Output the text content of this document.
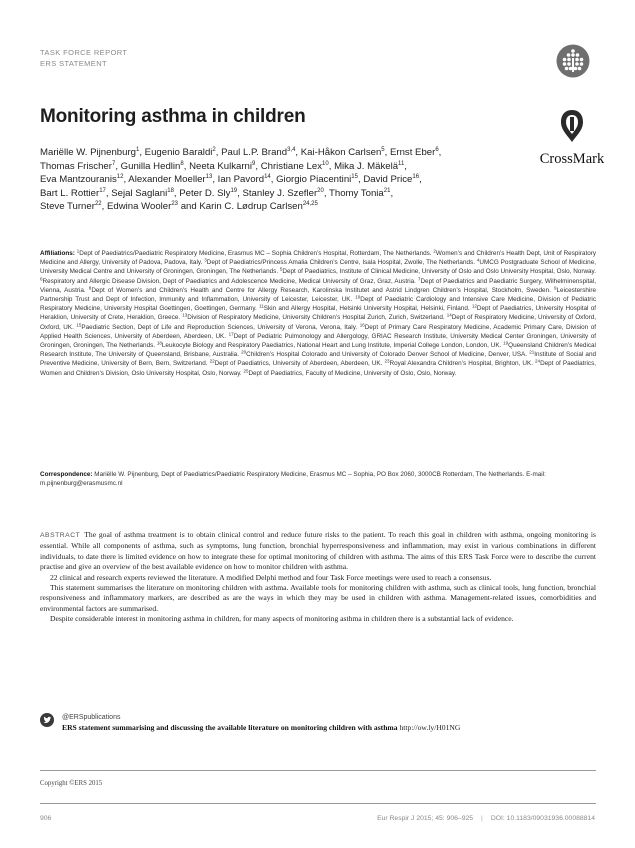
TASK FORCE REPORT
ERS STATEMENT
Monitoring asthma in children
CrossMark
Mariëlle W. Pijnenburg$^1$, Eugenio Baraldi$^2$, Paul L.P. Brand$^{3,4}$, Kai-Håkon Carlsen$^5$, Ernst Eber$^6$, Thomas Frischer$^7$, Gunilla Hedlin$^8$, Neeta Kulkarni$^9$, Christiane Lex$^{10}$, Mika J. Mäkelä$^{11}$, Eva Mantzouranis$^{12}$, Alexander Moeller$^{13}$, Ian Pavord$^{14}$, Giorgio Piacentini$^{15}$, David Price$^{16}$, Bart L. Rottier$^{17}$, Sejal Saglani$^{18}$, Peter D. Sly$^{19}$, Stanley J. Szefler$^{20}$, Thomy Tonia$^{21}$, Steve Turner$^{22}$, Edwina Wooler$^{23}$ and Karin C. Lødrup Carlsen$^{24,25}$
Affiliations: $^1$Dept of Paediatrics/Paediatric Respiratory Medicine, Erasmus MC – Sophia Children’s Hospital, Rotterdam, The Netherlands. $^2$Women’s and Children’s Health Dept, Unit of Respiratory Medicine and Allergy, University of Padova, Padova, Italy. $^3$Dept of Paediatrics/Princess Amalia Children’s Centre, Isala Hospital, Zwolle, The Netherlands. $^4$UMCG Postgraduate School of Medicine, University Medical Centre and University of Groningen, Groningen, The Netherlands. $^5$Dept of Paediatrics, Institute of Clinical Medicine, University of Oslo and Oslo University Hospital, Oslo, Norway. $^6$Respiratory and Allergic Disease Division, Dept of Paediatrics and Adolescence Medicine, Medical University of Graz, Graz, Austria. $^7$Dept of Paediatrics and Paediatric Surgery, Wilhelminenspital, Vienna, Austria. $^8$Dept of Women’s and Children’s Health and Centre for Allergy Research, Karolinska Institutet and Astrid Lindgren Children’s Hospital, Stockholm, Sweden. $^9$Leicestershire Partnership Trust and Dept of Infection, Immunity and Inflammation, University of Leicester, Leicester, UK. $^{10}$Dept of Paediatric Cardiology and Intensive Care Medicine, Division of Pediatric Respiratory Medicine, University Hospital Goettingen, Goettingen, Germany. $^{11}$Skin and Allergy Hospital, Helsinki University Hospital, Helsinki, Finland. $^{12}$Dept of Paediatrics, University Hospital of Heraklion, University of Crete, Heraklion, Greece. $^{13}$Division of Respiratory Medicine, University Children’s Hospital Zurich, Zurich, Switzerland. $^{14}$Dept of Respiratory Medicine, University of Oxford, Oxford, UK. $^{15}$Paediatric Section, Dept of Life and Reproduction Sciences, University of Verona, Verona, Italy. $^{16}$Dept of Primary Care Respiratory Medicine, Academic Primary Care, Division of Applied Health Sciences, University of Aberdeen, Aberdeen, UK. $^{17}$Dept of Pediatric Pulmonology and Allergology, GRIAC Research Institute, University Medical Center Groningen, University of Groningen, Groningen, The Netherlands. $^{18}$Leukocyte Biology and Respiratory Paediatrics, National Heart and Lung Institute, Imperial College London, London, UK. $^{19}$Queensland Children’s Medical Research Institute, The University of Queensland, Brisbane, Australia. $^{20}$Children’s Hospital Colorado and University of Colorado Denver School of Medicine, Denver, USA. $^{21}$Institute of Social and Preventive Medicine, University of Bern, Bern, Switzerland. $^{22}$Dept of Paediatrics, University of Aberdeen, Aberdeen, UK. $^{23}$Royal Alexandra Children’s Hospital, Brighton, UK. $^{24}$Dept of Paediatrics, Women and Children’s Division, Oslo University Hospital, Oslo, Norway. $^{25}$Dept of Paediatrics, Faculty of Medicine, University of Oslo, Oslo, Norway.
Correspondence: Mariëlle W. Pijnenburg, Dept of Paediatrics/Paediatric Respiratory Medicine, Erasmus MC – Sophia, PO Box 2060, 3000CB Rotterdam, The Netherlands. E-mail: m.pijnenburg@erasmusmc.nl

ABSTRACT The goal of asthma treatment is to obtain clinical control and reduce future risks to the patient. To reach this goal in children with asthma, ongoing monitoring is essential. While all components of asthma, such as symptoms, lung function, bronchial hyperresponsiveness and inflammation, may exist in various combinations in different individuals, to date there is limited evidence on how to integrate these for optimal monitoring of children with asthma. The aims of this ERS Task Force were to describe the current practise and give an overview of the best available evidence on how to monitor children with asthma.

22 clinical and research experts reviewed the literature. A modified Delphi method and four Task Force meetings were used to reach a consensus.

This statement summarises the literature on monitoring children with asthma. Available tools for monitoring children with asthma, such as clinical tools, lung function, bronchial responsiveness and inflammatory markers, are described as are the ways in which they may be used in children with asthma. Management-related issues, comorbidities and environmental factors are summarised.

Despite considerable interest in monitoring asthma in children, for many aspects of monitoring asthma in children there is a substantial lack of evidence.

@ERSpublications
ERS statement summarising and discussing the available literature on monitoring children with asthma http://ow.ly/H01NG
Copyright ©ERS 2015
906	Eur Respir J 2015; 45: 906–925 | DOI: 10.1183/09031936.00088814
